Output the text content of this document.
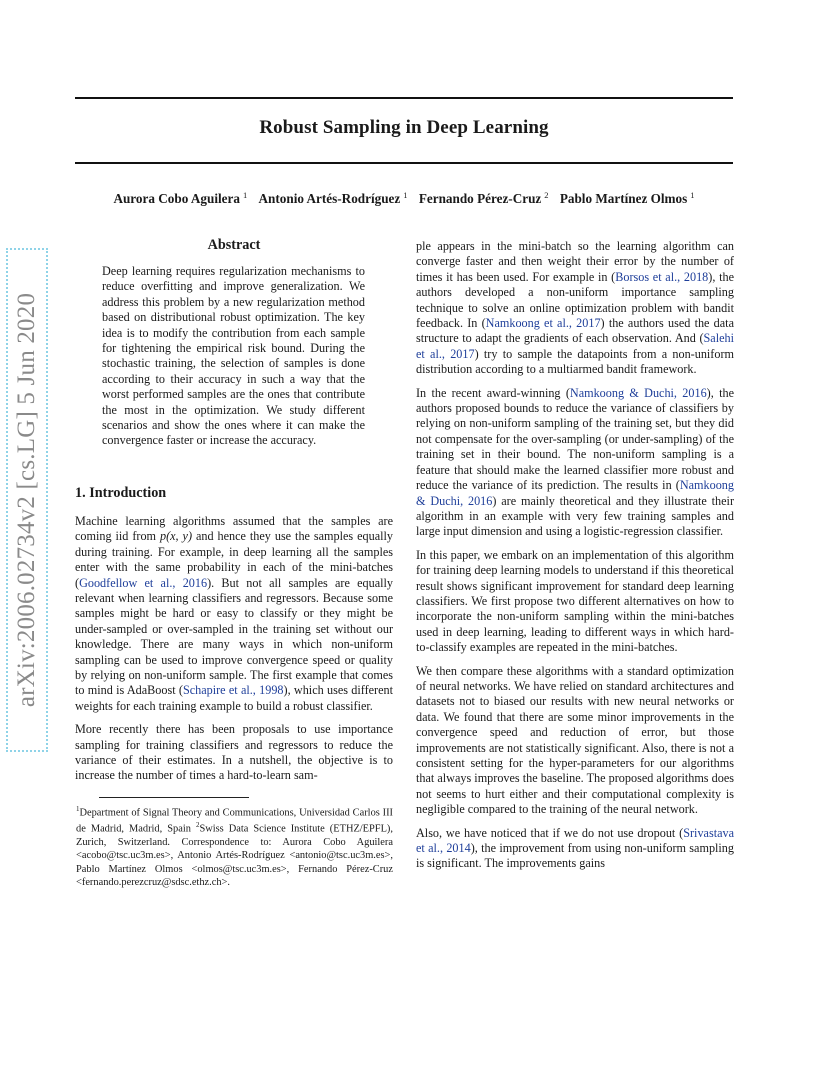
Robust Sampling in Deep Learning
Aurora Cobo Aguilera $^1$ Antonio Artés-Rodríguez $^1$ Fernando Pérez-Cruz $^2$ Pablo Martínez Olmos $^1$
arXiv:2006.02734v2 [cs.LG] 5 Jun 2020
Abstract

Deep learning requires regularization mechanisms to reduce overfitting and improve generalization. We address this problem by a new regularization method based on distributional robust optimization. The key idea is to modify the contribution from each sample for tightening the empirical risk bound. During the stochastic training, the selection of samples is done according to their accuracy in such a way that the worst performed samples are the ones that contribute the most in the optimization. We study different scenarios and show the ones where it can make the convergence faster or increase the accuracy.

1. Introduction

Machine learning algorithms assumed that the samples are coming iid from p(x, y) and hence they use the samples equally during training. For example, in deep learning all the samples enter with the same probability in each of the mini-batches (Goodfellow et al., 2016). But not all samples are equally relevant when learning classifiers and regressors. Because some samples might be hard or easy to classify or they might be under-sampled or over-sampled in the training set without our knowledge. There are many ways in which non-uniform sampling can be used to improve convergence speed or quality by relying on non-uniform sample. The first example that comes to mind is AdaBoost (Schapire et al., 1998), which uses different weights for each training example to build a robust classifier.

More recently there has been proposals to use importance sampling for training classifiers and regressors to reduce the variance of their estimates. In a nutshell, the objective is to increase the number of times a hard-to-learn sam-

$^1$Department of Signal Theory and Communications, Universidad Carlos III de Madrid, Madrid, Spain $^2$Swiss Data Science Institute (ETHZ/EPFL), Zurich, Switzerland. Correspondence to: Aurora Cobo Aguilera <acobo@tsc.uc3m.es>, Antonio Artés-Rodríguez <antonio@tsc.uc3m.es>, Pablo Martínez Olmos <olmos@tsc.uc3m.es>, Fernando Pérez-Cruz <fernando.perezcruz@sdsc.ethz.ch>.

ple appears in the mini-batch so the learning algorithm can converge faster and then weight their error by the number of times it has been used. For example in (Borsos et al., 2018), the authors developed a non-uniform importance sampling technique to solve an online optimization problem with bandit feedback. In (Namkoong et al., 2017) the authors used the data structure to adapt the gradients of each observation. And (Salehi et al., 2017) try to sample the datapoints from a non-uniform distribution according to a multiarmed bandit framework.

In the recent award-winning (Namkoong & Duchi, 2016), the authors proposed bounds to reduce the variance of classifiers by relying on non-uniform sampling of the training set, but they did not compensate for the over-sampling (or under-sampling) of the training set in their bound. The non-uniform sampling is a feature that should make the learned classifier more robust and reduce the variance of its prediction. The results in (Namkoong & Duchi, 2016) are mainly theoretical and they illustrate their algorithm in an example with very few training samples and large input dimension and using a logistic-regression classifier.

In this paper, we embark on an implementation of this algorithm for training deep learning models to understand if this theoretical result shows significant improvement for standard deep learning classifiers. We first propose two different alternatives on how to incorporate the non-uniform sampling within the mini-batches used in deep learning, leading to different ways in which hard-to-classify examples are repeated in the mini-batches.

We then compare these algorithms with a standard optimization of neural networks. We have relied on standard architectures and datasets not to biased our results with new neural networks or data. We found that there are some minor improvements in the convergence speed and reduction of error, but those improvements are not statistically significant. Also, there is not a consistent setting for the hyper-parameters for our algorithms that always improves the baseline. The proposed algorithms does not seems to hurt either and their computational complexity is negligible compared to the training of the neural network.

Also, we have noticed that if we do not use dropout (Srivastava et al., 2014), the improvement from using non-uniform sampling is significant. The improvements gains
